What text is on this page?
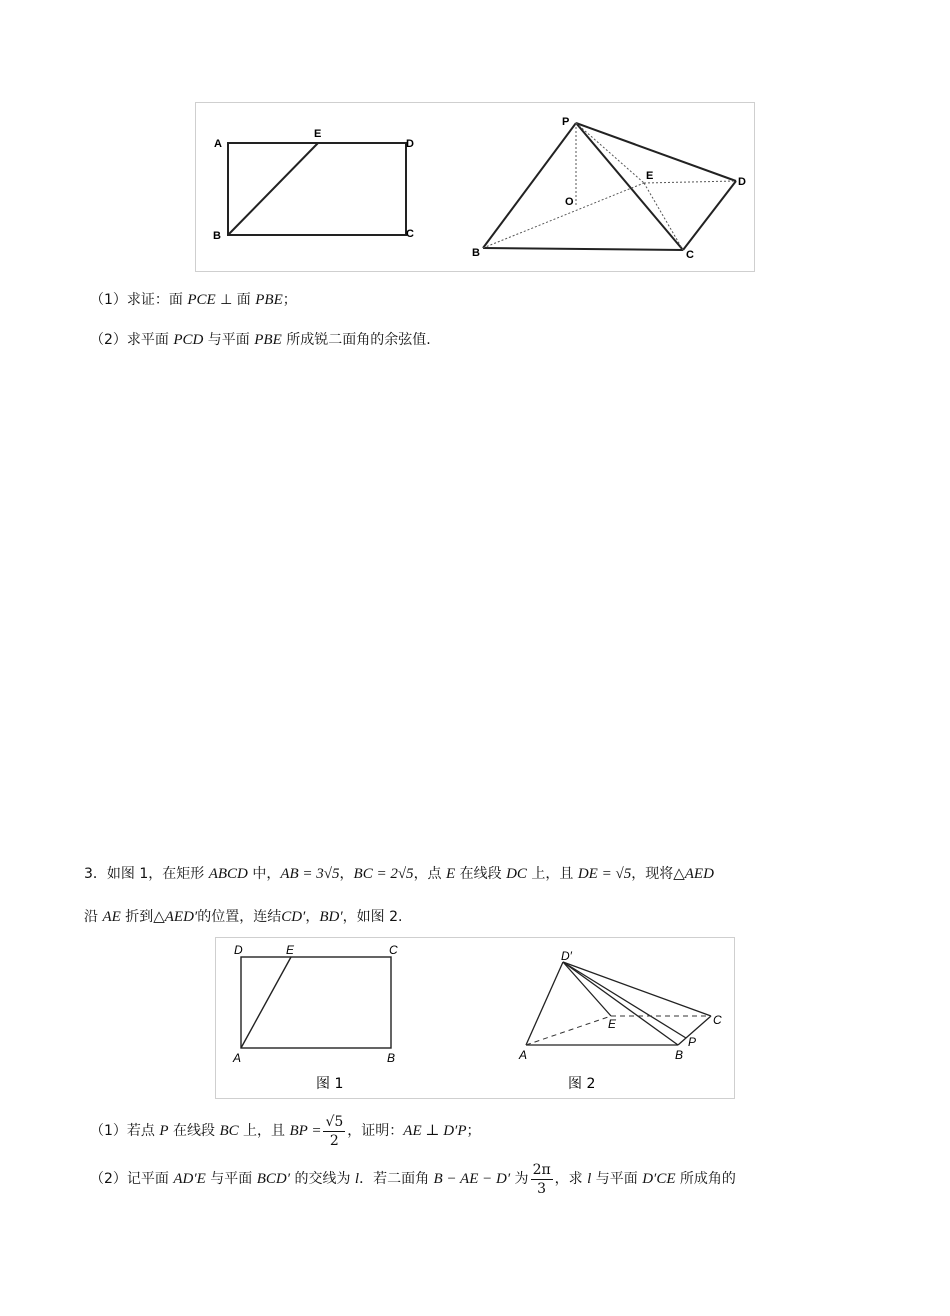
A
E
D
B	C
P
E	D
O
B	C
（1）求证：面 PCE ⊥ 面 PBE；
（2）求平面 PCD 与平面 PBE 所成锐二面角的余弦值.
3．如图 1，在矩形 ABCD 中，AB = 3√5，BC = 2√5，点 E 在线段 DC 上，且 DE = √5，现将△AED
沿 AE 折到△AED′的位置，连结CD′，BD′，如图 2.
D	E	C
A	B
图 1
D′
E	C
A	B
P
图 2
（1）若点 P 在线段 BC 上，且 BP = $\frac{√5}{2}$ ，证明：AE ⊥ D′P；
（2）记平面 AD′E 与平面 BCD′ 的交线为 l．若二面角 B − AE − D′ 为 $\frac{2\pi}{3}$ ，求 l 与平面 D′CE 所成角的
